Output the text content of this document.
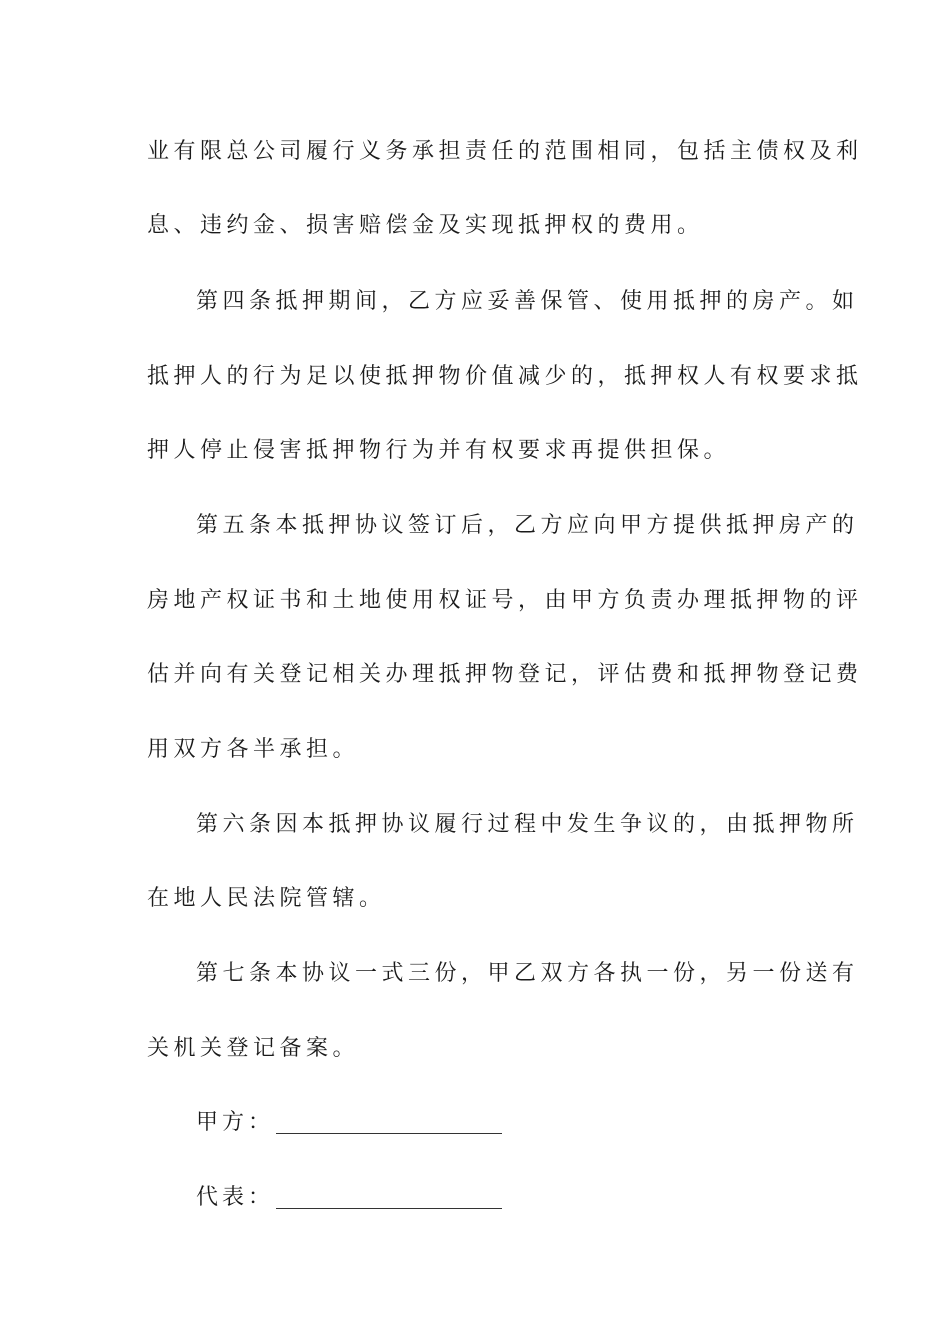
业有限总公司履行义务承担责任的范围相同，包括主债权及利
息、违约金、损害赔偿金及实现抵押权的费用。
第四条抵押期间，乙方应妥善保管、使用抵押的房产。如
抵押人的行为足以使抵押物价值减少的，抵押权人有权要求抵
押人停止侵害抵押物行为并有权要求再提供担保。
第五条本抵押协议签订后，乙方应向甲方提供抵押房产的
房地产权证书和土地使用权证号，由甲方负责办理抵押物的评
估并向有关登记相关办理抵押物登记，评估费和抵押物登记费
用双方各半承担。
第六条因本抵押协议履行过程中发生争议的，由抵押物所
在地人民法院管辖。
第七条本协议一式三份，甲乙双方各执一份，另一份送有
关机关登记备案。
甲方：
代表：
